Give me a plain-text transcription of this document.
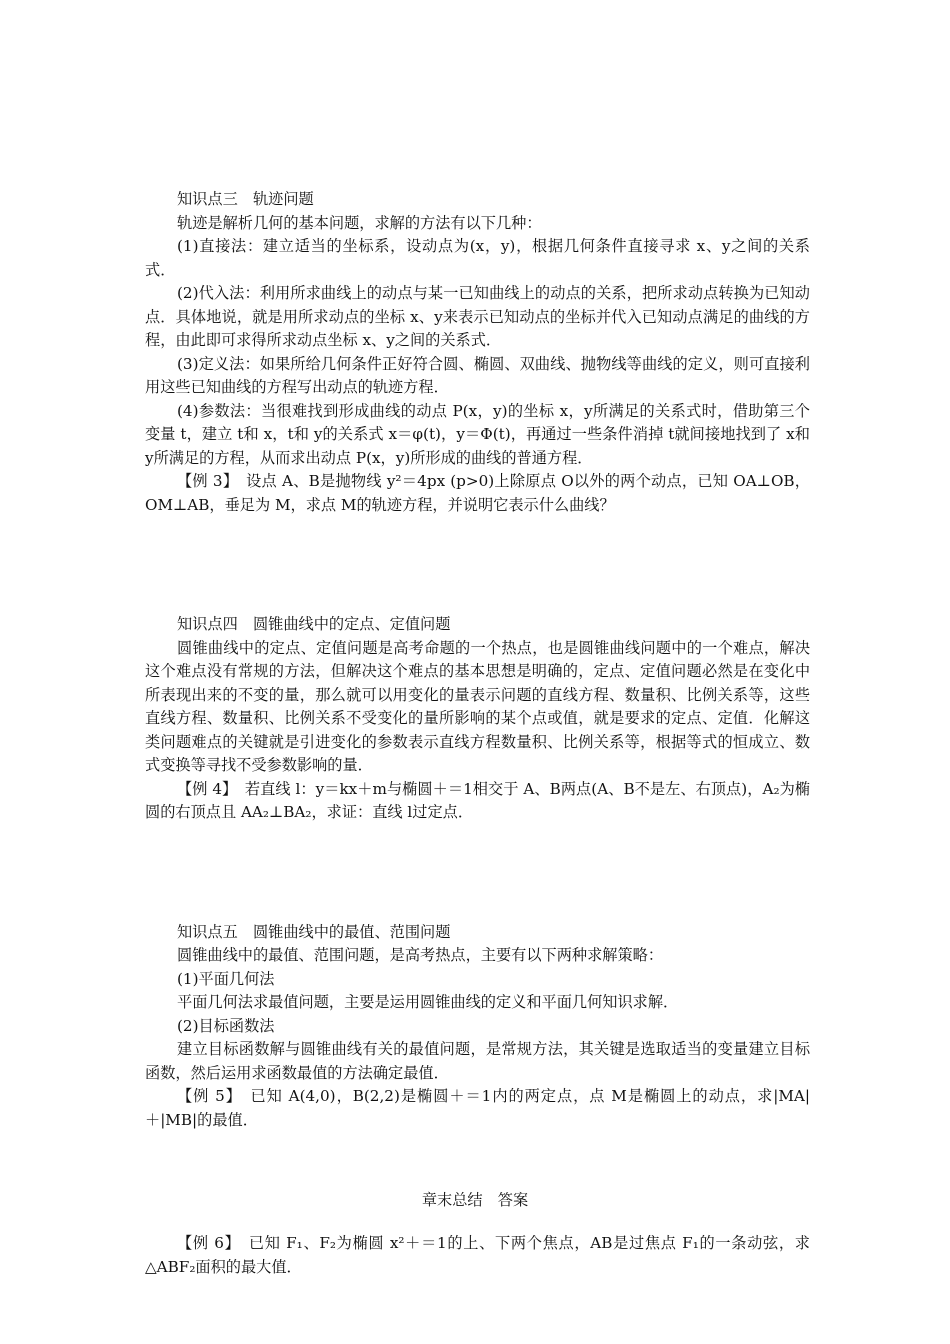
知识点三　轨迹问题

轨迹是解析几何的基本问题，求解的方法有以下几种：

(1)直接法：建立适当的坐标系，设动点为(x，y)，根据几何条件直接寻求 x、y之间的关系式．

(2)代入法：利用所求曲线上的动点与某一已知曲线上的动点的关系，把所求动点转换为已知动点．具体地说，就是用所求动点的坐标 x、y来表示已知动点的坐标并代入已知动点满足的曲线的方程，由此即可求得所求动点坐标 x、y之间的关系式．

(3)定义法：如果所给几何条件正好符合圆、椭圆、双曲线、抛物线等曲线的定义，则可直接利用这些已知曲线的方程写出动点的轨迹方程．

(4)参数法：当很难找到形成曲线的动点 P(x，y)的坐标 x，y所满足的关系式时，借助第三个变量 t，建立 t和 x，t和 y的关系式 x＝φ(t)，y＝Φ(t)，再通过一些条件消掉 t就间接地找到了 x和 y所满足的方程，从而求出动点 P(x，y)所形成的曲线的普通方程．

【例 3】　设点 A、B是抛物线 y²＝4px (p>0)上除原点 O以外的两个动点，已知 OA⊥OB，OM⊥AB，垂足为 M，求点 M的轨迹方程，并说明它表示什么曲线？

知识点四　圆锥曲线中的定点、定值问题

圆锥曲线中的定点、定值问题是高考命题的一个热点，也是圆锥曲线问题中的一个难点，解决这个难点没有常规的方法，但解决这个难点的基本思想是明确的，定点、定值问题必然是在变化中所表现出来的不变的量，那么就可以用变化的量表示问题的直线方程、数量积、比例关系等，这些直线方程、数量积、比例关系不受变化的量所影响的某个点或值，就是要求的定点、定值．化解这类问题难点的关键就是引进变化的参数表示直线方程数量积、比例关系等，根据等式的恒成立、数式变换等寻找不受参数影响的量．

【例 4】　若直线 l：y＝kx＋m与椭圆＋＝1相交于 A、B两点(A、B不是左、右顶点)，A₂为椭圆的右顶点且 AA₂⊥BA₂，求证：直线 l过定点．

知识点五　圆锥曲线中的最值、范围问题

圆锥曲线中的最值、范围问题，是高考热点，主要有以下两种求解策略：

(1)平面几何法

平面几何法求最值问题，主要是运用圆锥曲线的定义和平面几何知识求解．

(2)目标函数法

建立目标函数解与圆锥曲线有关的最值问题，是常规方法，其关键是选取适当的变量建立目标函数，然后运用求函数最值的方法确定最值．

【例 5】　已知 A(4,0)，B(2,2)是椭圆＋＝1内的两定点，点 M是椭圆上的动点，求|MA|＋|MB|的最值．

【例 6】　已知 F₁、F₂为椭圆 x²＋＝1的上、下两个焦点，AB是过焦点 F₁的一条动弦，求△ABF₂面积的最大值．

章末总结　答案
